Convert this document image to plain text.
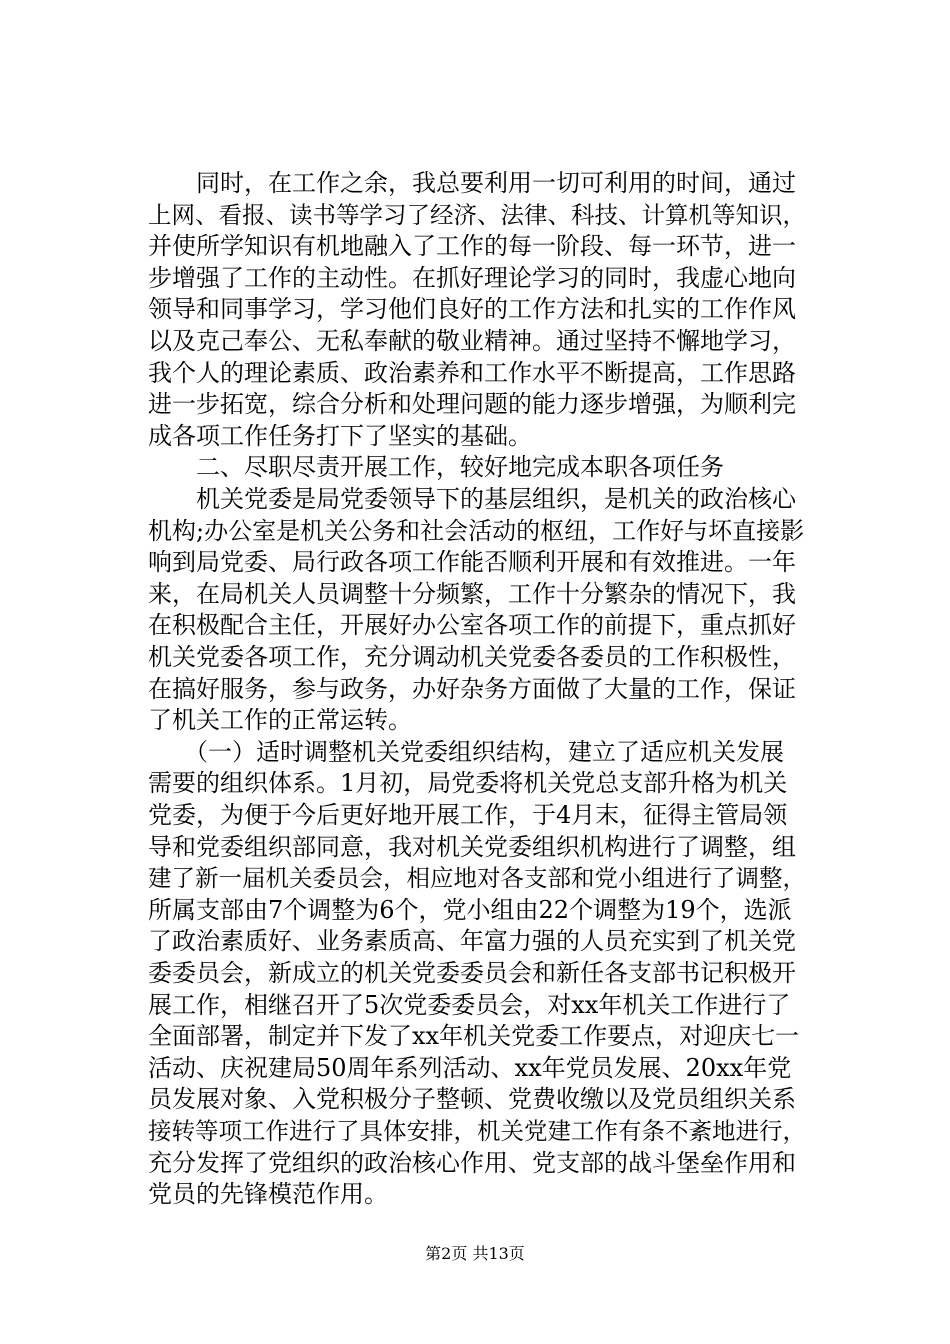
　　同时，在工作之余，我总要利用一切可利用的时间，通过
上网、看报、读书等学习了经济、法律、科技、计算机等知识，
并使所学知识有机地融入了工作的每一阶段、每一环节，进一
步增强了工作的主动性。在抓好理论学习的同时，我虚心地向
领导和同事学习，学习他们良好的工作方法和扎实的工作作风
以及克己奉公、无私奉献的敬业精神。通过坚持不懈地学习，
我个人的理论素质、政治素养和工作水平不断提高，工作思路
进一步拓宽，综合分析和处理问题的能力逐步增强，为顺利完
成各项工作任务打下了坚实的基础。
　　二、尽职尽责开展工作，较好地完成本职各项任务
　　机关党委是局党委领导下的基层组织，是机关的政治核心
机构;办公室是机关公务和社会活动的枢纽，工作好与坏直接影
响到局党委、局行政各项工作能否顺利开展和有效推进。一年
来，在局机关人员调整十分频繁，工作十分繁杂的情况下，我
在积极配合主任，开展好办公室各项工作的前提下，重点抓好
机关党委各项工作，充分调动机关党委各委员的工作积极性，
在搞好服务，参与政务，办好杂务方面做了大量的工作，保证
了机关工作的正常运转。
　　（一）适时调整机关党委组织结构，建立了适应机关发展
需要的组织体系。1月初，局党委将机关党总支部升格为机关
党委，为便于今后更好地开展工作，于4月末，征得主管局领
导和党委组织部同意，我对机关党委组织机构进行了调整，组
建了新一届机关委员会，相应地对各支部和党小组进行了调整，
所属支部由7个调整为6个，党小组由22个调整为19个，选派
了政治素质好、业务素质高、年富力强的人员充实到了机关党
委委员会，新成立的机关党委委员会和新任各支部书记积极开
展工作，相继召开了5次党委委员会，对xx年机关工作进行了
全面部署，制定并下发了xx年机关党委工作要点，对迎庆七一
活动、庆祝建局50周年系列活动、xx年党员发展、20xx年党
员发展对象、入党积极分子整顿、党费收缴以及党员组织关系
接转等项工作进行了具体安排，机关党建工作有条不紊地进行，
充分发挥了党组织的政治核心作用、党支部的战斗堡垒作用和
党员的先锋模范作用。
第2页 共13页
